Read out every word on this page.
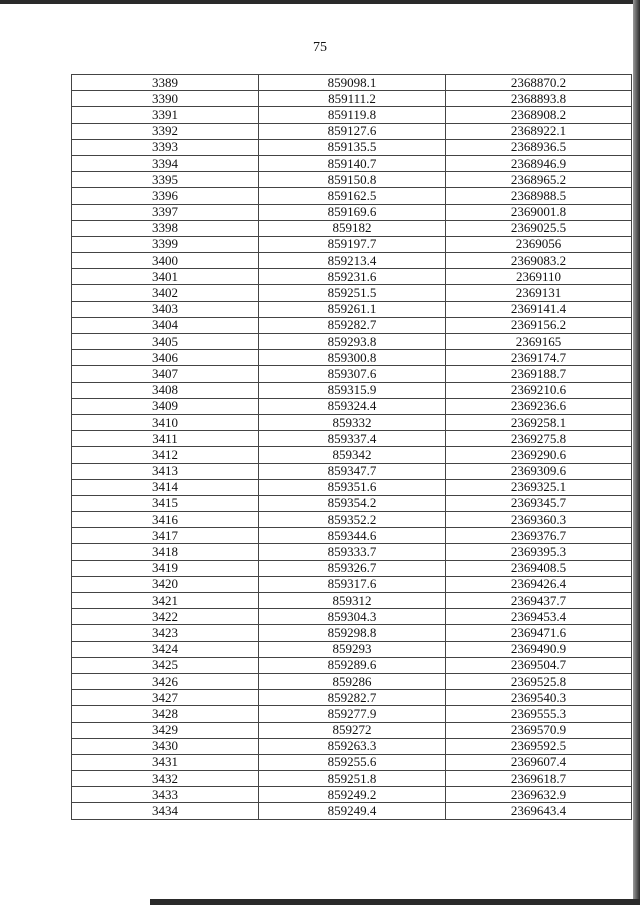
75
3389	859098.1	2368870.2
3390	859111.2	2368893.8
3391	859119.8	2368908.2
3392	859127.6	2368922.1
3393	859135.5	2368936.5
3394	859140.7	2368946.9
3395	859150.8	2368965.2
3396	859162.5	2368988.5
3397	859169.6	2369001.8
3398	859182	2369025.5
3399	859197.7	2369056
3400	859213.4	2369083.2
3401	859231.6	2369110
3402	859251.5	2369131
3403	859261.1	2369141.4
3404	859282.7	2369156.2
3405	859293.8	2369165
3406	859300.8	2369174.7
3407	859307.6	2369188.7
3408	859315.9	2369210.6
3409	859324.4	2369236.6
3410	859332	2369258.1
3411	859337.4	2369275.8
3412	859342	2369290.6
3413	859347.7	2369309.6
3414	859351.6	2369325.1
3415	859354.2	2369345.7
3416	859352.2	2369360.3
3417	859344.6	2369376.7
3418	859333.7	2369395.3
3419	859326.7	2369408.5
3420	859317.6	2369426.4
3421	859312	2369437.7
3422	859304.3	2369453.4
3423	859298.8	2369471.6
3424	859293	2369490.9
3425	859289.6	2369504.7
3426	859286	2369525.8
3427	859282.7	2369540.3
3428	859277.9	2369555.3
3429	859272	2369570.9
3430	859263.3	2369592.5
3431	859255.6	2369607.4
3432	859251.8	2369618.7
3433	859249.2	2369632.9
3434	859249.4	2369643.4
